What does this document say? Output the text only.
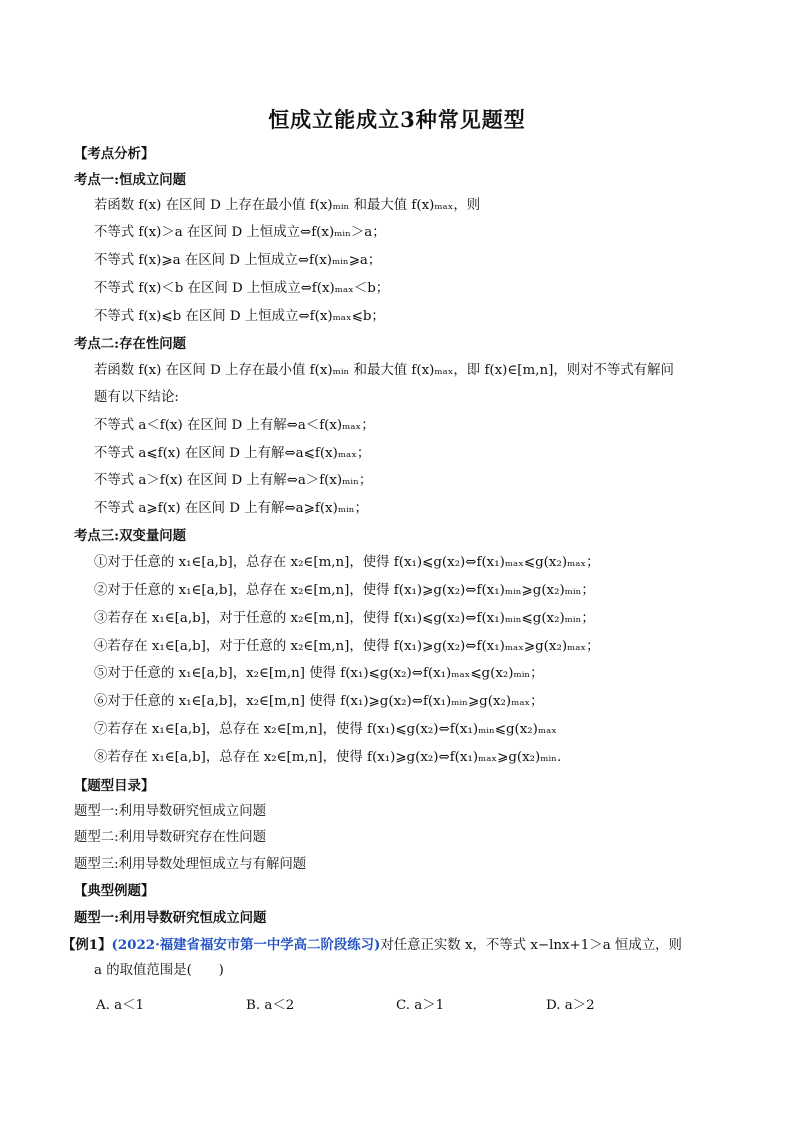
恒成立能成立3种常见题型
【考点分析】
考点一:恒成立问题
若函数 f(x) 在区间 D 上存在最小值 f(x)ₘᵢₙ 和最大值 f(x)ₘₐₓ，则
不等式 f(x)＞a 在区间 D 上恒成立⇔f(x)ₘᵢₙ＞a；
不等式 f(x)⩾a 在区间 D 上恒成立⇔f(x)ₘᵢₙ⩾a；
不等式 f(x)＜b 在区间 D 上恒成立⇔f(x)ₘₐₓ＜b；
不等式 f(x)⩽b 在区间 D 上恒成立⇔f(x)ₘₐₓ⩽b；
考点二:存在性问题
若函数 f(x) 在区间 D 上存在最小值 f(x)ₘᵢₙ 和最大值 f(x)ₘₐₓ，即 f(x)∈[m,n]，则对不等式有解问
题有以下结论:
不等式 a＜f(x) 在区间 D 上有解⇔a＜f(x)ₘₐₓ；
不等式 a⩽f(x) 在区间 D 上有解⇔a⩽f(x)ₘₐₓ；
不等式 a＞f(x) 在区间 D 上有解⇔a＞f(x)ₘᵢₙ；
不等式 a⩾f(x) 在区间 D 上有解⇔a⩾f(x)ₘᵢₙ；
考点三:双变量问题
①对于任意的 x₁∈[a,b]，总存在 x₂∈[m,n]，使得 f(x₁)⩽g(x₂)⇔f(x₁)ₘₐₓ⩽g(x₂)ₘₐₓ；
②对于任意的 x₁∈[a,b]，总存在 x₂∈[m,n]，使得 f(x₁)⩾g(x₂)⇔f(x₁)ₘᵢₙ⩾g(x₂)ₘᵢₙ；
③若存在 x₁∈[a,b]，对于任意的 x₂∈[m,n]，使得 f(x₁)⩽g(x₂)⇔f(x₁)ₘᵢₙ⩽g(x₂)ₘᵢₙ；
④若存在 x₁∈[a,b]，对于任意的 x₂∈[m,n]，使得 f(x₁)⩾g(x₂)⇔f(x₁)ₘₐₓ⩾g(x₂)ₘₐₓ；
⑤对于任意的 x₁∈[a,b]，x₂∈[m,n] 使得 f(x₁)⩽g(x₂)⇔f(x₁)ₘₐₓ⩽g(x₂)ₘᵢₙ；
⑥对于任意的 x₁∈[a,b]，x₂∈[m,n] 使得 f(x₁)⩾g(x₂)⇔f(x₁)ₘᵢₙ⩾g(x₂)ₘₐₓ；
⑦若存在 x₁∈[a,b]，总存在 x₂∈[m,n]，使得 f(x₁)⩽g(x₂)⇔f(x₁)ₘᵢₙ⩽g(x₂)ₘₐₓ
⑧若存在 x₁∈[a,b]，总存在 x₂∈[m,n]，使得 f(x₁)⩾g(x₂)⇔f(x₁)ₘₐₓ⩾g(x₂)ₘᵢₙ.
【题型目录】
题型一:利用导数研究恒成立问题
题型二:利用导数研究存在性问题
题型三:利用导数处理恒成立与有解问题
【典型例题】
题型一:利用导数研究恒成立问题
【例1】(2022·福建省福安市第一中学高二阶段练习)对任意正实数 x，不等式 x−lnx+1＞a 恒成立，则
a 的取值范围是(　　)
A. a＜1	B. a＜2	C. a＞1	D. a＞2
